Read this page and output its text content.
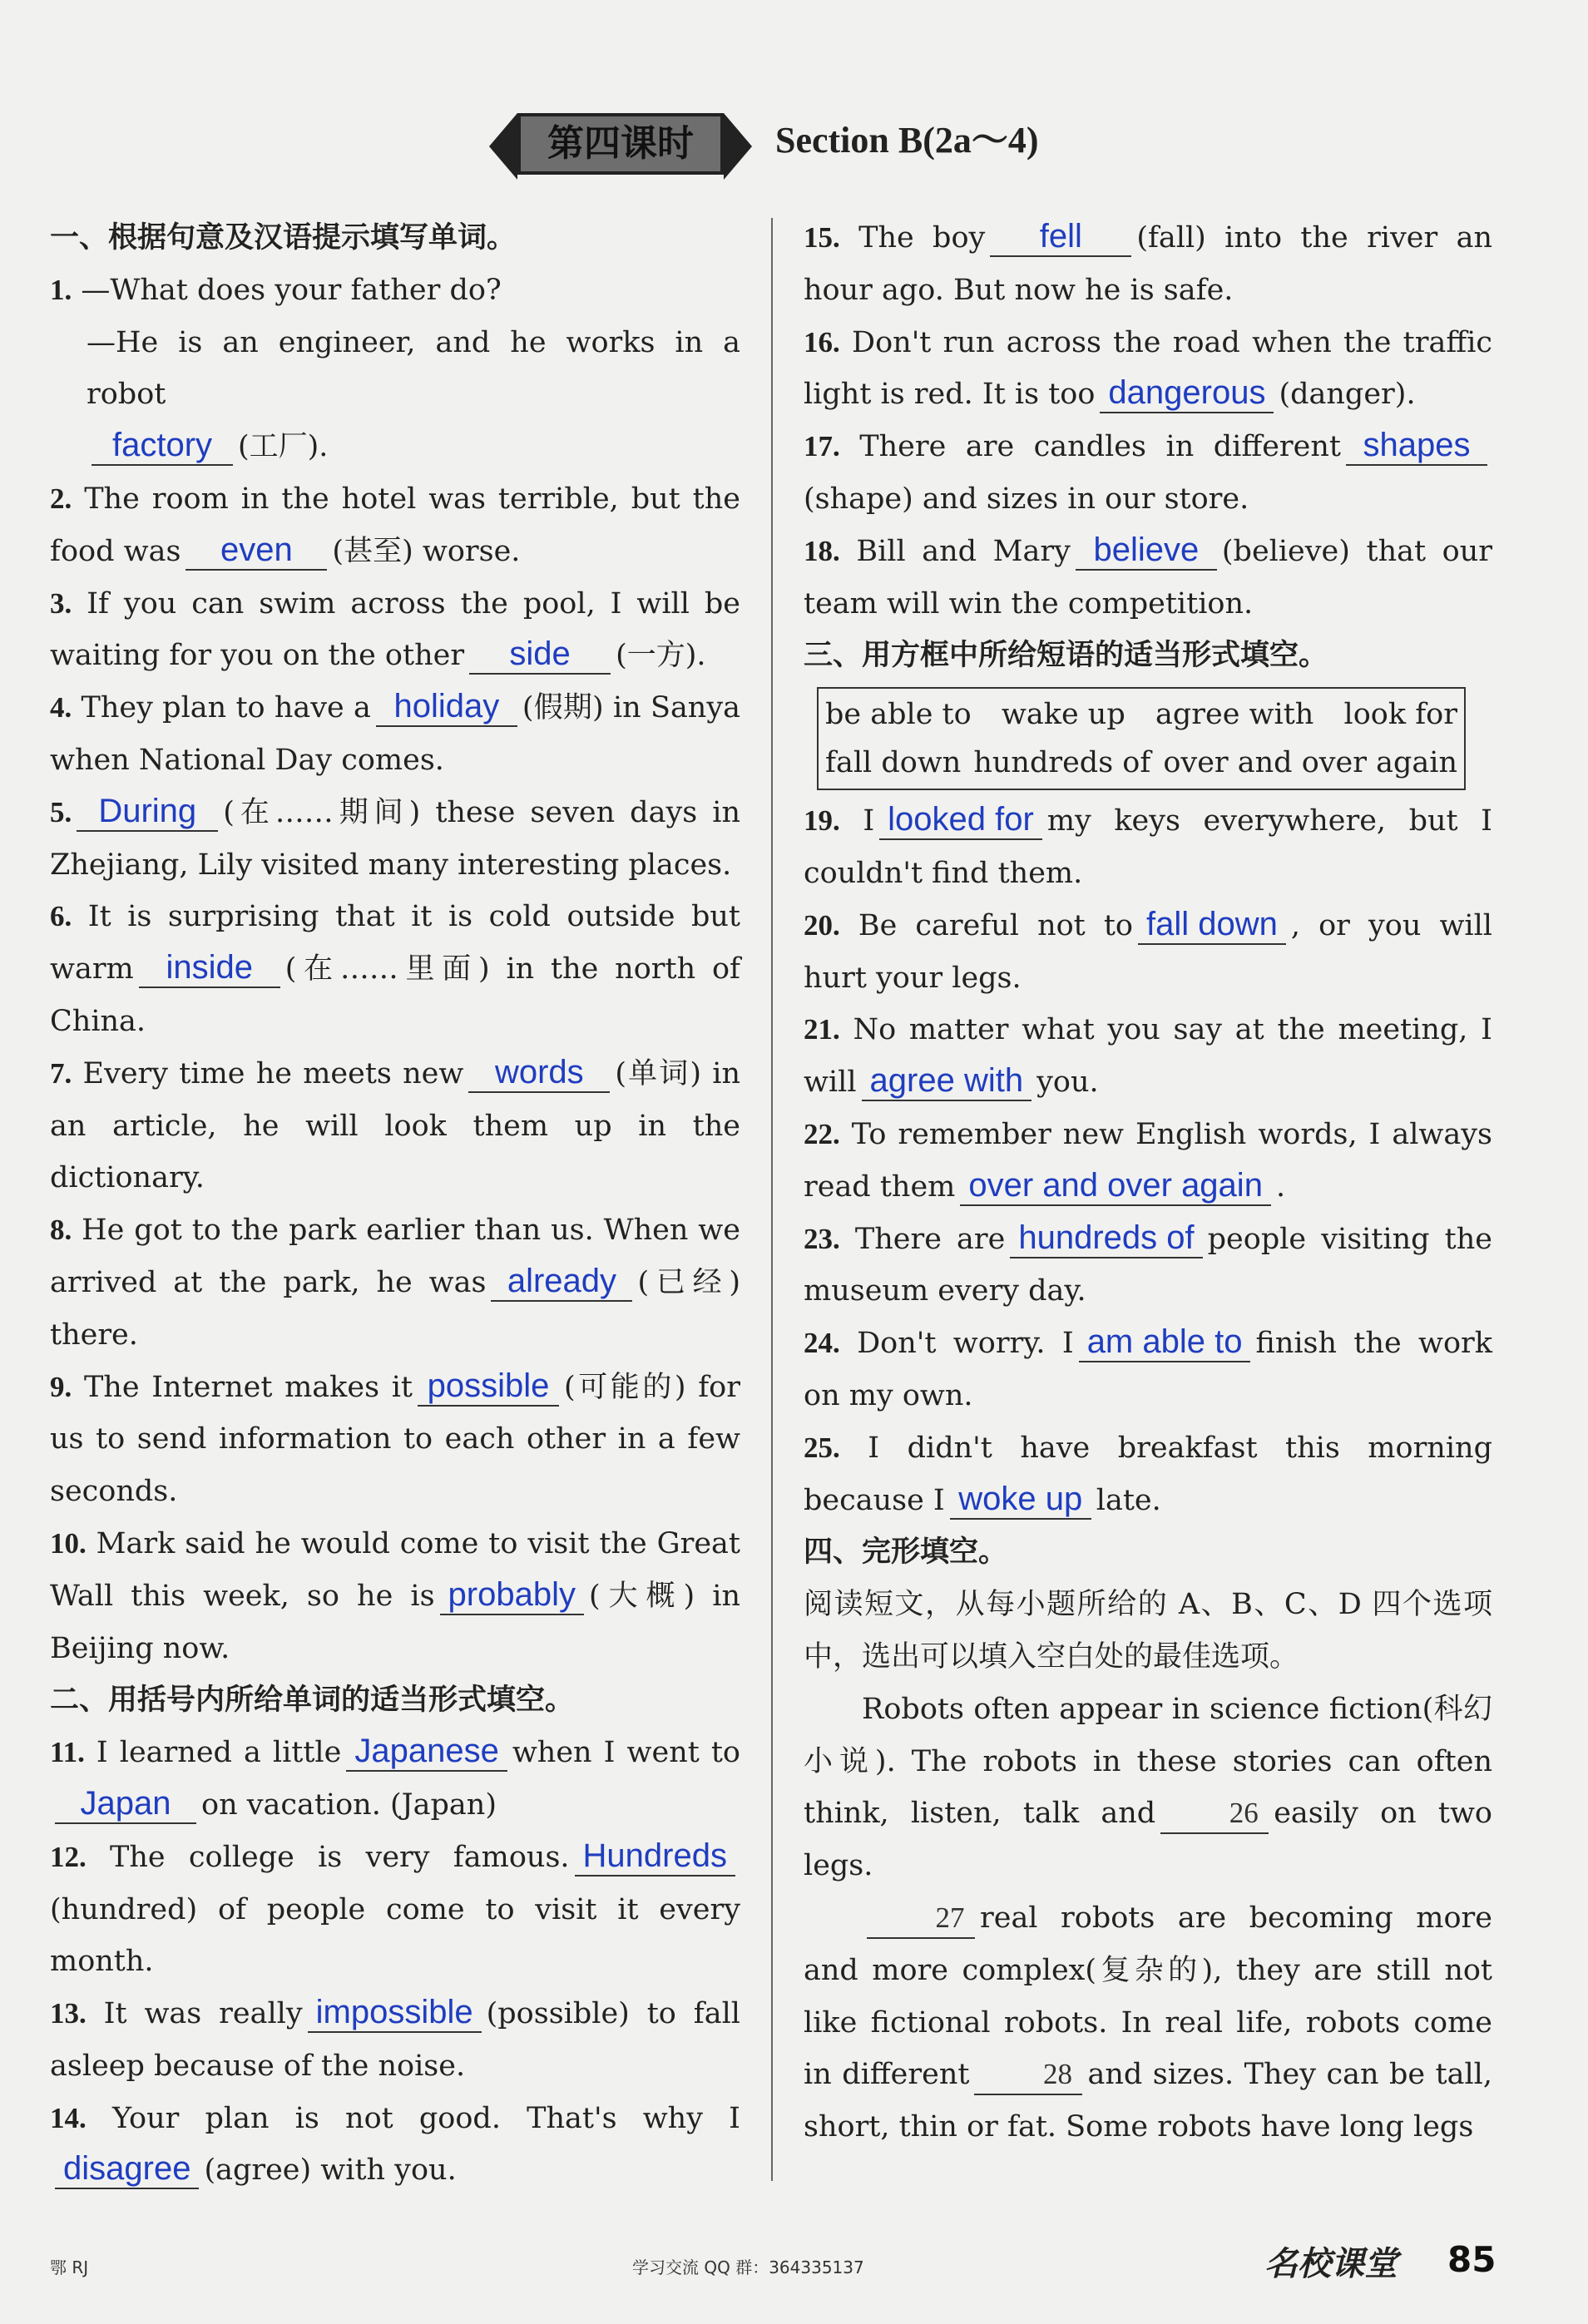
第四课时	Section B(2a～4)
一、根据句意及汉语提示填写单词。
1. —What does your father do?
—He is an engineer, and he works in a robot
factory (工厂).
2. The room in the hotel was terrible, but the food was even (甚至) worse.
3. If you can swim across the pool, I will be waiting for you on the other side (一方).
4. They plan to have a holiday (假期) in Sanya when National Day comes.
5. During (在……期间) these seven days in Zhejiang, Lily visited many interesting places.
6. It is surprising that it is cold outside but warm inside (在……里面) in the north of China.
7. Every time he meets new words (单词) in an article, he will look them up in the dictionary.
8. He got to the park earlier than us. When we arrived at the park, he was already (已经) there.
9. The Internet makes it possible (可能的) for us to send information to each other in a few seconds.
10. Mark said he would come to visit the Great Wall this week, so he is probably (大概) in Beijing now.
二、用括号内所给单词的适当形式填空。
11. I learned a little Japanese when I went toJapan on vacation. (Japan)
12. The college is very famous. Hundreds(hundred) of people come to visit it every month.
13. It was really impossible (possible) to fall asleep because of the noise.
14. Your plan is not good. That's why Idisagree (agree) with you.
15. The boy fell (fall) into the river an hour ago. But now he is safe.
16. Don't run across the road when the traffic light is red. It is too dangerous (danger).
17. There are candles in different shapes(shape) and sizes in our store.
18. Bill and Mary believe (believe) that our team will win the competition.
三、用方框中所给短语的适当形式填空。
be able to wake up agree with look for
fall down hundreds of over and over again
19. I looked for my keys everywhere, but I couldn't find them.
20. Be careful not to fall down , or you will hurt your legs.
21. No matter what you say at the meeting, I will agree with you.
22. To remember new English words, I always read them over and over again .
23. There are hundreds of people visiting the museum every day.
24. Don't worry. I am able to finish the work on my own.
25. I didn't have breakfast this morning because I woke up late.
四、完形填空。
阅读短文，从每小题所给的 A、B、C、D 四个选项中，选出可以填入空白处的最佳选项。
Robots often appear in science fiction(科幻小说). The robots in these stories can often think, listen, talk and	26 easily on two legs.
27 real robots are becoming more and more complex(复杂的), they are still not like fictional robots. In real life, robots come in different	28 and sizes. They can be tall, short, thin or fat. Some robots have long legs
鄂 RJ	学习交流 QQ 群：364335137	名校课堂 85
